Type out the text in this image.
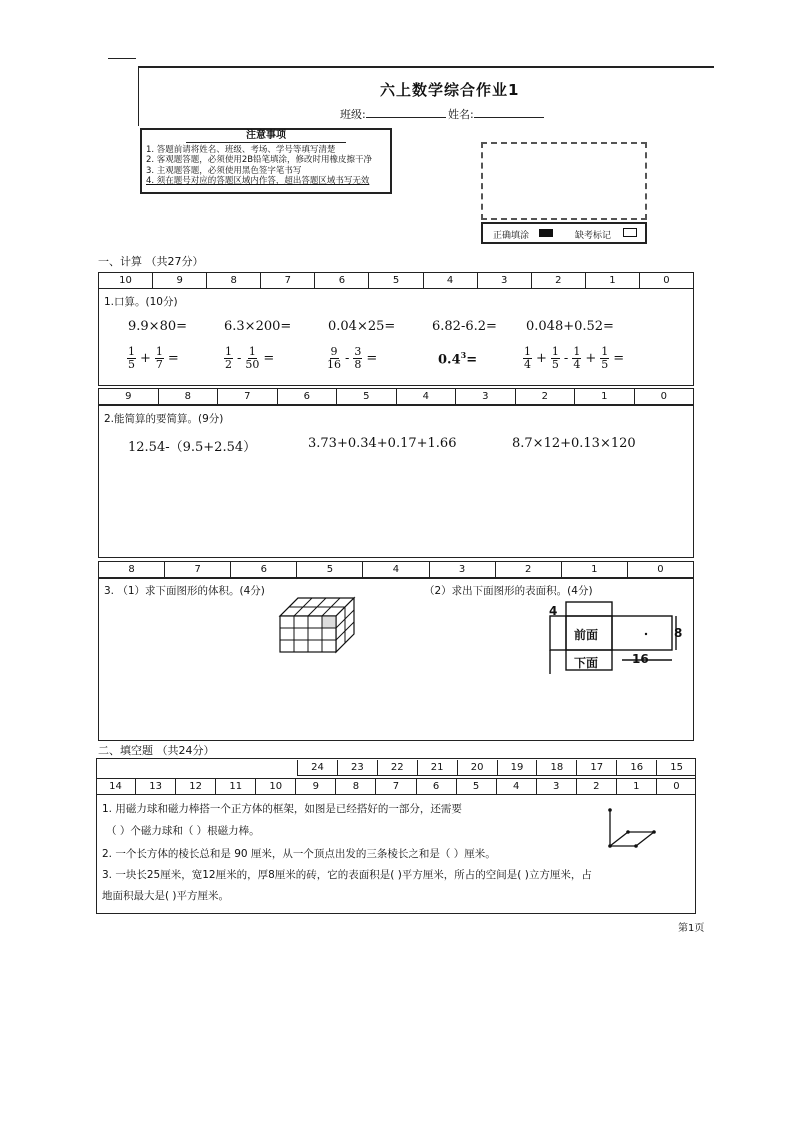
六上数学综合作业1
班级:	姓名:
注意事项
1. 答题前请将姓名、班级、考场、学号等填写清楚
2. 客观题答题，必须使用2B铅笔填涂，修改时用橡皮擦干净
3. 主观题答题，必须使用黑色签字笔书写
4. 须在题号对应的答题区域内作答，超出答题区域书写无效
正确填涂	缺考标记
一、计算 （共27分）
10	9	8	7	6	5	4	3	2	1	0
1.口算。(10分)
9.9×80=	6.3×200=	0.04×25=	6.82-6.2= 0.048+0.52=
$\frac{1}{5} + \frac{1}{7}$ =	$\frac{1}{2} - \frac{1}{50}$ =	$\frac{9}{16} - \frac{3}{8}$ =	$0.4^3=$	$\frac{1}{4} + \frac{1}{5} - \frac{1}{4} + \frac{1}{5}$ =
9	8	7	6	5	4	3	2	1	0
2.能简算的要简算。(9分)
12.54-（9.5+2.54）	3.73+0.34+0.17+1.66	8.7×12+0.13×120
8	7	6	5	4	3	2	1	0
3. （1）求下面图形的体积。(4分)	（2）求出下面图形的表面积。(4分)
4
前面
下面
8
16
二、填空题 （共24分）
24	23	22	21	20	19	18	17	16	15
14	13	12	11	10	9	8	7	6	5	4	3	2	1	0
1. 用磁力球和磁力棒搭一个正方体的框架，如图是已经搭好的一部分，还需要
（ ）个磁力球和（ ）根磁力棒。
2. 一个长方体的棱长总和是 90 厘米，从一个顶点出发的三条棱长之和是（ ）厘米。
3. 一块长25厘米，宽12厘米的，厚8厘米的砖，它的表面积是( )平方厘米，所占的空间是( )立方厘米，占
地面积最大是( )平方厘米。
第1页
